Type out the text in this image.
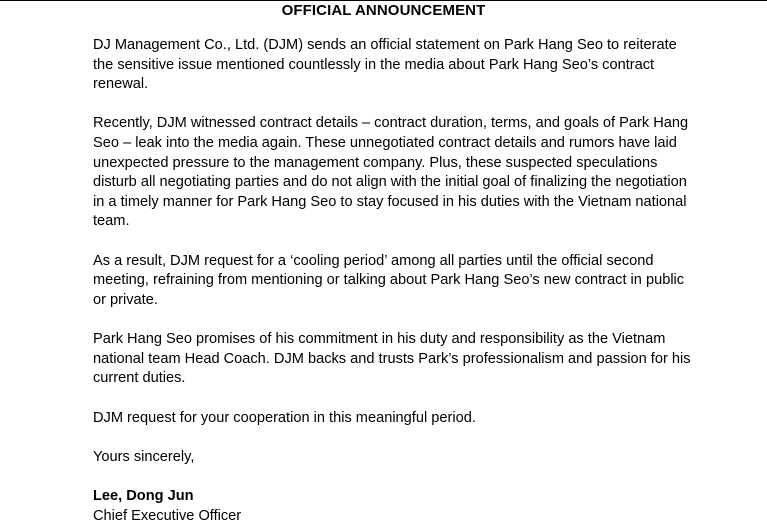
OFFICIAL ANNOUNCEMENT

DJ Management Co., Ltd. (DJM) sends an official statement on Park Hang Seo to reiterate the sensitive issue mentioned countlessly in the media about Park Hang Seo’s contract renewal.

Recently, DJM witnessed contract details – contract duration, terms, and goals of Park Hang Seo – leak into the media again. These unnegotiated contract details and rumors have laid unexpected pressure to the management company. Plus, these suspected speculations disturb all negotiating parties and do not align with the initial goal of finalizing the negotiation in a timely manner for Park Hang Seo to stay focused in his duties with the Vietnam national team.

As a result, DJM request for a ‘cooling period’ among all parties until the official second meeting, refraining from mentioning or talking about Park Hang Seo’s new contract in public or private.

Park Hang Seo promises of his commitment in his duty and responsibility as the Vietnam national team Head Coach. DJM backs and trusts Park’s professionalism and passion for his current duties.

DJM request for your cooperation in this meaningful period.

Yours sincerely,

Lee, Dong Jun

Chief Executive Officer
